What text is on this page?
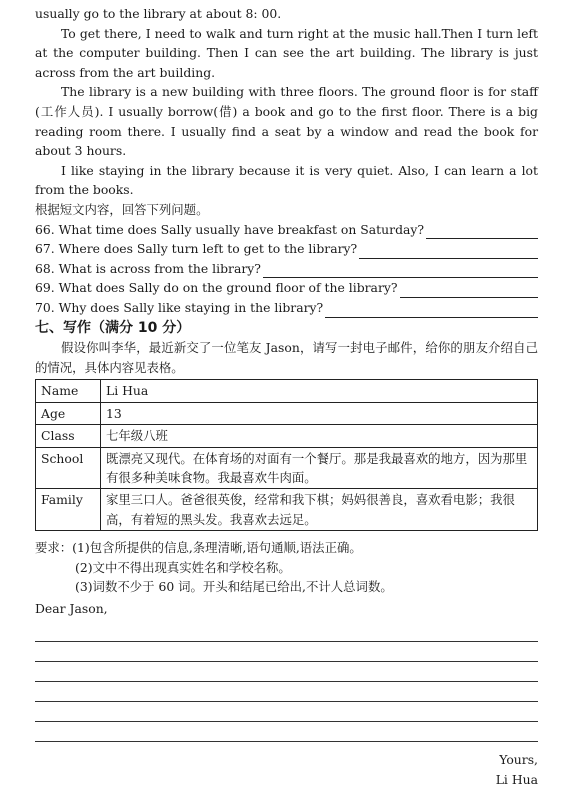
usually go to the library at about 8: 00.

To get there, I need to walk and turn right at the music hall.Then I turn left at the computer building. Then I can see the art building. The library is just across from the art building.

The library is a new building with three floors. The ground floor is for staff (工作人员). I usually borrow(借) a book and go to the first floor. There is a big reading room there. I usually find a seat by a window and read the book for about 3 hours.

I like staying in the library because it is very quiet. Also, I can learn a lot from the books.

根据短文内容，回答下列问题。
66. What time does Sally usually have breakfast on Saturday?
67. Where does Sally turn left to get to the library?
68. What is across from the library?
69. What does Sally do on the ground floor of the library?
70. Why does Sally like staying in the library?
七、写作（满分 10 分）

假设你叫李华，最近新交了一位笔友 Jason，请写一封电子邮件，给你的朋友介绍自己的情况，具体内容见表格。

Name	Li Hua
Age	13
Class	七年级八班
School	既漂亮又现代。在体育场的对面有一个餐厅。那是我最喜欢的地方，因为那里有很多种美味食物。我最喜欢牛肉面。
Family	家里三口人。爸爸很英俊，经常和我下棋；妈妈很善良，喜欢看电影；我很高，有着短的黑头发。我喜欢去远足。
要求： (1)包含所提供的信息,条理清晰,语句通顺,语法正确。
(2)文中不得出现真实姓名和学校名称。
(3)词数不少于 60 词。开头和结尾已给出,不计人总词数。
Dear Jason,
Yours,
Li Hua
